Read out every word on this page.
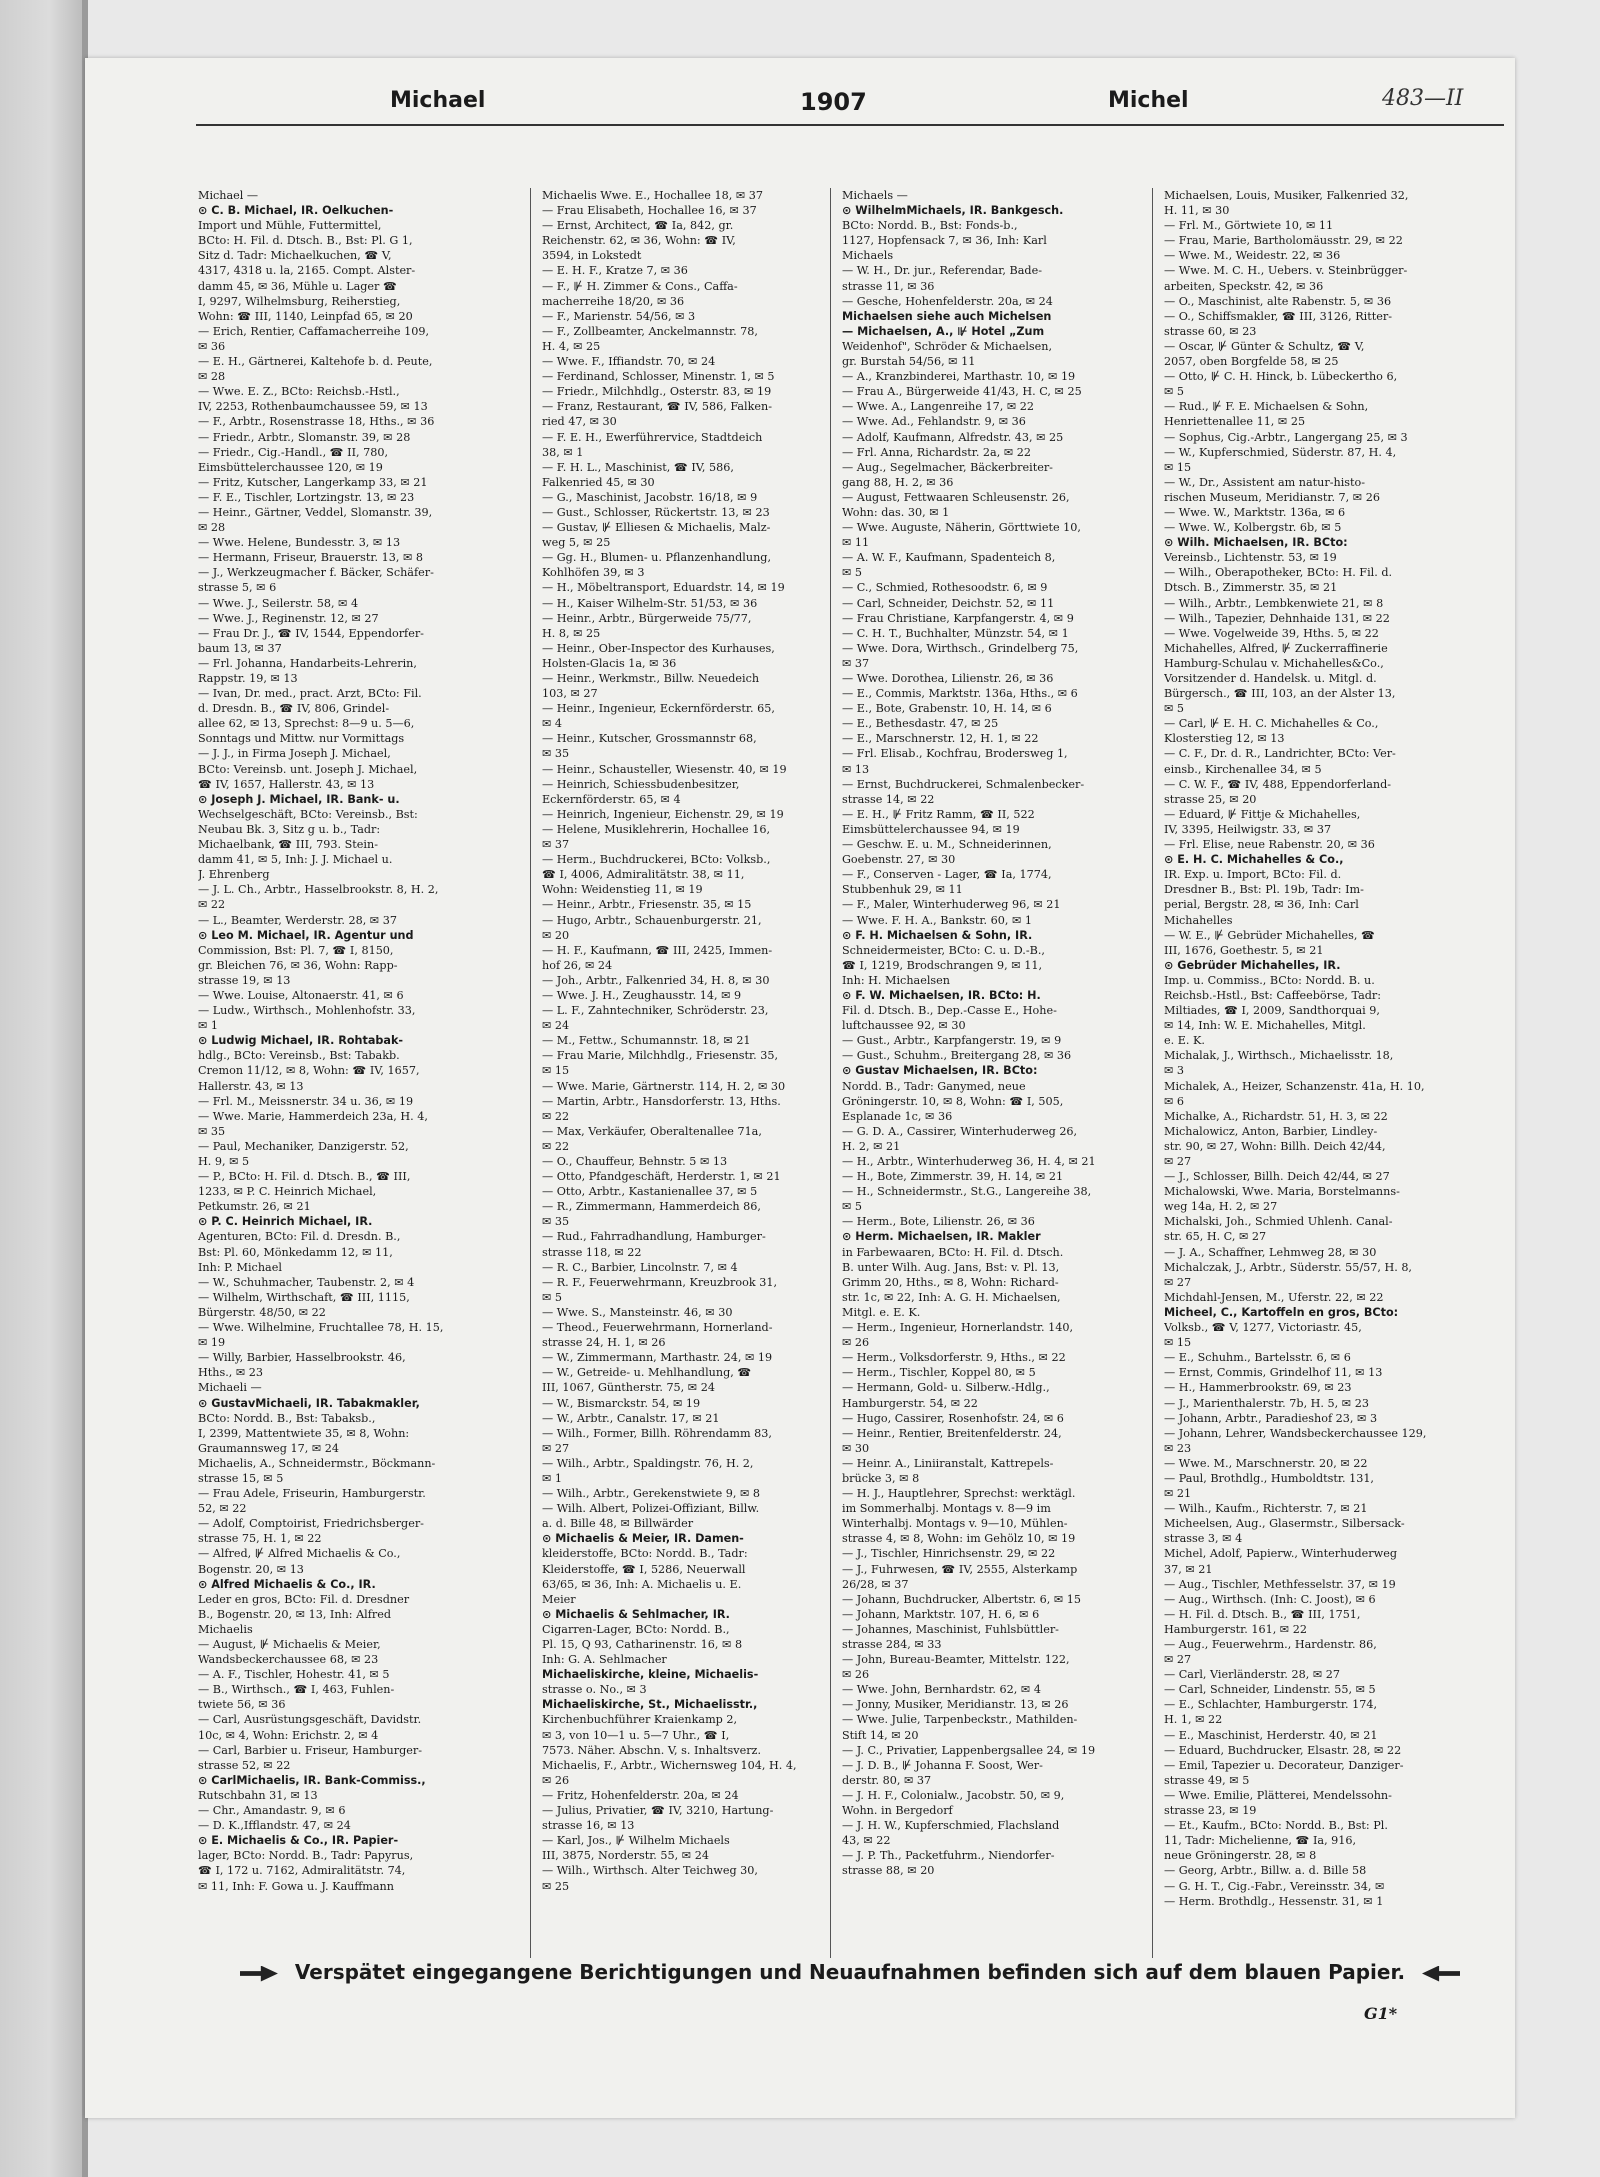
Michael	1907	Michel	483—II
Michael —
⊙ C. B. Michael, IR. Oelkuchen-
Import und Mühle, Futtermittel,
BCto: H. Fil. d. Dtsch. B., Bst: Pl. G 1,
Sitz d. Tadr: Michaelkuchen, ☎ V,
4317, 4318 u. la, 2165. Compt. Alster-
damm 45, ✉ 36, Mühle u. Lager ☎
I, 9297, Wilhelmsburg, Reiherstieg,
Wohn: ☎ III, 1140, Leinpfad 65, ✉ 20
— Erich, Rentier, Caffamacherreihe 109,
✉ 36
— E. H., Gärtnerei, Kaltehofe b. d. Peute,
✉ 28
— Wwe. E. Z., BCto: Reichsb.-Hstl.,
IV, 2253, Rothenbaumchaussee 59, ✉ 13
— F., Arbtr., Rosenstrasse 18, Hths., ✉ 36
— Friedr., Arbtr., Slomanstr. 39, ✉ 28
— Friedr., Cig.-Handl., ☎ II, 780,
Eimsbüttelerchaussee 120, ✉ 19
— Fritz, Kutscher, Langerkamp 33, ✉ 21
— F. E., Tischler, Lortzingstr. 13, ✉ 23
— Heinr., Gärtner, Veddel, Slomanstr. 39,
✉ 28
— Wwe. Helene, Bundesstr. 3, ✉ 13
— Hermann, Friseur, Brauerstr. 13, ✉ 8
— J., Werkzeugmacher f. Bäcker, Schäfer-
strasse 5, ✉ 6
— Wwe. J., Seilerstr. 58, ✉ 4
— Wwe. J., Reginenstr. 12, ✉ 27
— Frau Dr. J., ☎ IV, 1544, Eppendorfer-
baum 13, ✉ 37
— Frl. Johanna, Handarbeits-Lehrerin,
Rappstr. 19, ✉ 13
— Ivan, Dr. med., pract. Arzt, BCto: Fil.
d. Dresdn. B., ☎ IV, 806, Grindel-
allee 62, ✉ 13, Sprechst: 8—9 u. 5—6,
Sonntags und Mittw. nur Vormittags
— J. J., in Firma Joseph J. Michael,
BCto: Vereinsb. unt. Joseph J. Michael,
☎ IV, 1657, Hallerstr. 43, ✉ 13
⊙ Joseph J. Michael, IR. Bank- u.
Wechselgeschäft, BCto: Vereinsb., Bst:
Neubau Bk. 3, Sitz g u. b., Tadr:
Michaelbank, ☎ III, 793. Stein-
damm 41, ✉ 5, Inh: J. J. Michael u.
J. Ehrenberg
— J. L. Ch., Arbtr., Hasselbrookstr. 8, H. 2,
✉ 22
— L., Beamter, Werderstr. 28, ✉ 37
⊙ Leo M. Michael, IR. Agentur und
Commission, Bst: Pl. 7, ☎ I, 8150,
gr. Bleichen 76, ✉ 36, Wohn: Rapp-
strasse 19, ✉ 13
— Wwe. Louise, Altonaerstr. 41, ✉ 6
— Ludw., Wirthsch., Mohlenhofstr. 33,
✉ 1
⊙ Ludwig Michael, IR. Rohtabak-
hdlg., BCto: Vereinsb., Bst: Tabakb.
Cremon 11/12, ✉ 8, Wohn: ☎ IV, 1657,
Hallerstr. 43, ✉ 13
— Frl. M., Meissnerstr. 34 u. 36, ✉ 19
— Wwe. Marie, Hammerdeich 23a, H. 4,
✉ 35
— Paul, Mechaniker, Danzigerstr. 52,
H. 9, ✉ 5
— P., BCto: H. Fil. d. Dtsch. B., ☎ III,
1233, ✉ P. C. Heinrich Michael,
Petkumstr. 26, ✉ 21
⊙ P. C. Heinrich Michael, IR.
Agenturen, BCto: Fil. d. Dresdn. B.,
Bst: Pl. 60, Mönkedamm 12, ✉ 11,
Inh: P. Michael
— W., Schuhmacher, Taubenstr. 2, ✉ 4
— Wilhelm, Wirthschaft, ☎ III, 1115,
Bürgerstr. 48/50, ✉ 22
— Wwe. Wilhelmine, Fruchtallee 78, H. 15,
✉ 19
— Willy, Barbier, Hasselbrookstr. 46,
Hths., ✉ 23
Michaeli —
⊙ GustavMichaeli, IR. Tabakmakler,
BCto: Nordd. B., Bst: Tabaksb.,
I, 2399, Mattentwiete 35, ✉ 8, Wohn:
Graumannsweg 17, ✉ 24
Michaelis, A., Schneidermstr., Böckmann-
strasse 15, ✉ 5
— Frau Adele, Friseurin, Hamburgerstr.
52, ✉ 22
— Adolf, Comptoirist, Friedrichsberger-
strasse 75, H. 1, ✉ 22
— Alfred, ⊮ Alfred Michaelis & Co.,
Bogenstr. 20, ✉ 13
⊙ Alfred Michaelis & Co., IR.
Leder en gros, BCto: Fil. d. Dresdner
B., Bogenstr. 20, ✉ 13, Inh: Alfred
Michaelis
— August, ⊮ Michaelis & Meier,
Wandsbeckerchaussee 68, ✉ 23
— A. F., Tischler, Hohestr. 41, ✉ 5
— B., Wirthsch., ☎ I, 463, Fuhlen-
twiete 56, ✉ 36
— Carl, Ausrüstungsgeschäft, Davidstr.
10c, ✉ 4, Wohn: Erichstr. 2, ✉ 4
— Carl, Barbier u. Friseur, Hamburger-
strasse 52, ✉ 22
⊙ CarlMichaelis, IR. Bank-Commiss.,
Rutschbahn 31, ✉ 13
— Chr., Amandastr. 9, ✉ 6
— D. K.,Ifflandstr. 47, ✉ 24
⊙ E. Michaelis & Co., IR. Papier-
lager, BCto: Nordd. B., Tadr: Papyrus,
☎ I, 172 u. 7162, Admiralitätstr. 74,
✉ 11, Inh: F. Gowa u. J. Kauffmann
Michaelis Wwe. E., Hochallee 18, ✉ 37
— Frau Elisabeth, Hochallee 16, ✉ 37
— Ernst, Architect, ☎ Ia, 842, gr.
Reichenstr. 62, ✉ 36, Wohn: ☎ IV,
3594, in Lokstedt
— E. H. F., Kratze 7, ✉ 36
— F., ⊮ H. Zimmer & Cons., Caffa-
macherreihe 18/20, ✉ 36
— F., Marienstr. 54/56, ✉ 3
— F., Zollbeamter, Anckelmannstr. 78,
H. 4, ✉ 25
— Wwe. F., Iffiandstr. 70, ✉ 24
— Ferdinand, Schlosser, Minenstr. 1, ✉ 5
— Friedr., Milchhdlg., Osterstr. 83, ✉ 19
— Franz, Restaurant, ☎ IV, 586, Falken-
ried 47, ✉ 30
— F. E. H., Ewerführervice, Stadtdeich
38, ✉ 1
— F. H. L., Maschinist, ☎ IV, 586,
Falkenried 45, ✉ 30
— G., Maschinist, Jacobstr. 16/18, ✉ 9
— Gust., Schlosser, Rückertstr. 13, ✉ 23
— Gustav, ⊮ Elliesen & Michaelis, Malz-
weg 5, ✉ 25
— Gg. H., Blumen- u. Pflanzenhandlung,
Kohlhöfen 39, ✉ 3
— H., Möbeltransport, Eduardstr. 14, ✉ 19
— H., Kaiser Wilhelm-Str. 51/53, ✉ 36
— Heinr., Arbtr., Bürgerweide 75/77,
H. 8, ✉ 25
— Heinr., Ober-Inspector des Kurhauses,
Holsten-Glacis 1a, ✉ 36
— Heinr., Werkmstr., Billw. Neuedeich
103, ✉ 27
— Heinr., Ingenieur, Eckernförderstr. 65,
✉ 4
— Heinr., Kutscher, Grossmannstr 68,
✉ 35
— Heinr., Schausteller, Wiesenstr. 40, ✉ 19
— Heinrich, Schiessbudenbesitzer,
Eckernförderstr. 65, ✉ 4
— Heinrich, Ingenieur, Eichenstr. 29, ✉ 19
— Helene, Musiklehrerin, Hochallee 16,
✉ 37
— Herm., Buchdruckerei, BCto: Volksb.,
☎ I, 4006, Admiralitätstr. 38, ✉ 11,
Wohn: Weidenstieg 11, ✉ 19
— Heinr., Arbtr., Friesenstr. 35, ✉ 15
— Hugo, Arbtr., Schauenburgerstr. 21,
✉ 20
— H. F., Kaufmann, ☎ III, 2425, Immen-
hof 26, ✉ 24
— Joh., Arbtr., Falkenried 34, H. 8, ✉ 30
— Wwe. J. H., Zeughausstr. 14, ✉ 9
— L. F., Zahntechniker, Schröderstr. 23,
✉ 24
— M., Fettw., Schumannstr. 18, ✉ 21
— Frau Marie, Milchhdlg., Friesenstr. 35,
✉ 15
— Wwe. Marie, Gärtnerstr. 114, H. 2, ✉ 30
— Martin, Arbtr., Hansdorferstr. 13, Hths.
✉ 22
— Max, Verkäufer, Oberaltenallee 71a,
✉ 22
— O., Chauffeur, Behnstr. 5 ✉ 13
— Otto, Pfandgeschäft, Herderstr. 1, ✉ 21
— Otto, Arbtr., Kastanienallee 37, ✉ 5
— R., Zimmermann, Hammerdeich 86,
✉ 35
— Rud., Fahrradhandlung, Hamburger-
strasse 118, ✉ 22
— R. C., Barbier, Lincolnstr. 7, ✉ 4
— R. F., Feuerwehrmann, Kreuzbrook 31,
✉ 5
— Wwe. S., Mansteinstr. 46, ✉ 30
— Theod., Feuerwehrmann, Hornerland-
strasse 24, H. 1, ✉ 26
— W., Zimmermann, Marthastr. 24, ✉ 19
— W., Getreide- u. Mehlhandlung, ☎
III, 1067, Güntherstr. 75, ✉ 24
— W., Bismarckstr. 54, ✉ 19
— W., Arbtr., Canalstr. 17, ✉ 21
— Wilh., Former, Billh. Röhrendamm 83,
✉ 27
— Wilh., Arbtr., Spaldingstr. 76, H. 2,
✉ 1
— Wilh., Arbtr., Gerekenstwiete 9, ✉ 8
— Wilh. Albert, Polizei-Offiziant, Billw.
a. d. Bille 48, ✉ Billwärder
⊙ Michaelis & Meier, IR. Damen-
kleiderstoffe, BCto: Nordd. B., Tadr:
Kleiderstoffe, ☎ I, 5286, Neuerwall
63/65, ✉ 36, Inh: A. Michaelis u. E.
Meier
⊙ Michaelis & Sehlmacher, IR.
Cigarren-Lager, BCto: Nordd. B.,
Pl. 15, Q 93, Catharinenstr. 16, ✉ 8
Inh: G. A. Sehlmacher
Michaeliskirche, kleine, Michaelis-
strasse o. No., ✉ 3
Michaeliskirche, St., Michaelisstr.,
Kirchenbuchführer Kraienkamp 2,
✉ 3, von 10—1 u. 5—7 Uhr., ☎ I,
7573. Näher. Abschn. V, s. Inhaltsverz.
Michaelis, F., Arbtr., Wichernsweg 104, H. 4,
✉ 26
— Fritz, Hohenfelderstr. 20a, ✉ 24
— Julius, Privatier, ☎ IV, 3210, Hartung-
strasse 16, ✉ 13
— Karl, Jos., ⊮ Wilhelm Michaels
III, 3875, Norderstr. 55, ✉ 24
— Wilh., Wirthsch. Alter Teichweg 30,
✉ 25
Michaels —
⊙ WilhelmMichaels, IR. Bankgesch.
BCto: Nordd. B., Bst: Fonds-b.,
1127, Hopfensack 7, ✉ 36, Inh: Karl
Michaels
— W. H., Dr. jur., Referendar, Bade-
strasse 11, ✉ 36
— Gesche, Hohenfelderstr. 20a, ✉ 24
Michaelsen siehe auch Michelsen
— Michaelsen, A., ⊮ Hotel „Zum
Weidenhof", Schröder & Michaelsen,
gr. Burstah 54/56, ✉ 11
— A., Kranzbinderei, Marthastr. 10, ✉ 19
— Frau A., Bürgerweide 41/43, H. C, ✉ 25
— Wwe. A., Langenreihe 17, ✉ 22
— Wwe. Ad., Fehlandstr. 9, ✉ 36
— Adolf, Kaufmann, Alfredstr. 43, ✉ 25
— Frl. Anna, Richardstr. 2a, ✉ 22
— Aug., Segelmacher, Bäckerbreiter-
gang 88, H. 2, ✉ 36
— August, Fettwaaren Schleusenstr. 26,
Wohn: das. 30, ✉ 1
— Wwe. Auguste, Näherin, Görttwiete 10,
✉ 11
— A. W. F., Kaufmann, Spadenteich 8,
✉ 5
— C., Schmied, Rothesoodstr. 6, ✉ 9
— Carl, Schneider, Deichstr. 52, ✉ 11
— Frau Christiane, Karpfangerstr. 4, ✉ 9
— C. H. T., Buchhalter, Münzstr. 54, ✉ 1
— Wwe. Dora, Wirthsch., Grindelberg 75,
✉ 37
— Wwe. Dorothea, Lilienstr. 26, ✉ 36
— E., Commis, Marktstr. 136a, Hths., ✉ 6
— E., Bote, Grabenstr. 10, H. 14, ✉ 6
— E., Bethesdastr. 47, ✉ 25
— E., Marschnerstr. 12, H. 1, ✉ 22
— Frl. Elisab., Kochfrau, Brodersweg 1,
✉ 13
— Ernst, Buchdruckerei, Schmalenbecker-
strasse 14, ✉ 22
— E. H., ⊮ Fritz Ramm, ☎ II, 522
Eimsbüttelerchaussee 94, ✉ 19
— Geschw. E. u. M., Schneiderinnen,
Goebenstr. 27, ✉ 30
— F., Conserven - Lager, ☎ Ia, 1774,
Stubbenhuk 29, ✉ 11
— F., Maler, Winterhuderweg 96, ✉ 21
— Wwe. F. H. A., Bankstr. 60, ✉ 1
⊙ F. H. Michaelsen & Sohn, IR.
Schneidermeister, BCto: C. u. D.-B.,
☎ I, 1219, Brodschrangen 9, ✉ 11,
Inh: H. Michaelsen
⊙ F. W. Michaelsen, IR. BCto: H.
Fil. d. Dtsch. B., Dep.-Casse E., Hohe-
luftchaussee 92, ✉ 30
— Gust., Arbtr., Karpfangerstr. 19, ✉ 9
— Gust., Schuhm., Breitergang 28, ✉ 36
⊙ Gustav Michaelsen, IR. BCto:
Nordd. B., Tadr: Ganymed, neue
Gröningerstr. 10, ✉ 8, Wohn: ☎ I, 505,
Esplanade 1c, ✉ 36
— G. D. A., Cassirer, Winterhuderweg 26,
H. 2, ✉ 21
— H., Arbtr., Winterhuderweg 36, H. 4, ✉ 21
— H., Bote, Zimmerstr. 39, H. 14, ✉ 21
— H., Schneidermstr., St.G., Langereihe 38,
✉ 5
— Herm., Bote, Lilienstr. 26, ✉ 36
⊙ Herm. Michaelsen, IR. Makler
in Farbewaaren, BCto: H. Fil. d. Dtsch.
B. unter Wilh. Aug. Jans, Bst: v. Pl. 13,
Grimm 20, Hths., ✉ 8, Wohn: Richard-
str. 1c, ✉ 22, Inh: A. G. H. Michaelsen,
Mitgl. e. E. K.
— Herm., Ingenieur, Hornerlandstr. 140,
✉ 26
— Herm., Volksdorferstr. 9, Hths., ✉ 22
— Herm., Tischler, Koppel 80, ✉ 5
— Hermann, Gold- u. Silberw.-Hdlg.,
Hamburgerstr. 54, ✉ 22
— Hugo, Cassirer, Rosenhofstr. 24, ✉ 6
— Heinr., Rentier, Breitenfelderstr. 24,
✉ 30
— Heinr. A., Liniiranstalt, Kattrepels-
brücke 3, ✉ 8
— H. J., Hauptlehrer, Sprechst: werktägl.
im Sommerhalbj. Montags v. 8—9 im
Winterhalbj. Montags v. 9—10, Mühlen-
strasse 4, ✉ 8, Wohn: im Gehölz 10, ✉ 19
— J., Tischler, Hinrichsenstr. 29, ✉ 22
— J., Fuhrwesen, ☎ IV, 2555, Alsterkamp
26/28, ✉ 37
— Johann, Buchdrucker, Albertstr. 6, ✉ 15
— Johann, Marktstr. 107, H. 6, ✉ 6
— Johannes, Maschinist, Fuhlsbüttler-
strasse 284, ✉ 33
— John, Bureau-Beamter, Mittelstr. 122,
✉ 26
— Wwe. John, Bernhardstr. 62, ✉ 4
— Jonny, Musiker, Meridianstr. 13, ✉ 26
— Wwe. Julie, Tarpenbeckstr., Mathilden-
Stift 14, ✉ 20
— J. C., Privatier, Lappenbergsallee 24, ✉ 19
— J. D. B., ⊮ Johanna F. Soost, Wer-
derstr. 80, ✉ 37
— J. H. F., Colonialw., Jacobstr. 50, ✉ 9,
Wohn. in Bergedorf
— J. H. W., Kupferschmied, Flachsland
43, ✉ 22
— J. P. Th., Packetfuhrm., Niendorfer-
strasse 88, ✉ 20
Michaelsen, Louis, Musiker, Falkenried 32,
H. 11, ✉ 30
— Frl. M., Görtwiete 10, ✉ 11
— Frau, Marie, Bartholomäusstr. 29, ✉ 22
— Wwe. M., Weidestr. 22, ✉ 36
— Wwe. M. C. H., Uebers. v. Steinbrügger-
arbeiten, Speckstr. 42, ✉ 36
— O., Maschinist, alte Rabenstr. 5, ✉ 36
— O., Schiffsmakler, ☎ III, 3126, Ritter-
strasse 60, ✉ 23
— Oscar, ⊮ Günter & Schultz, ☎ V,
2057, oben Borgfelde 58, ✉ 25
— Otto, ⊮ C. H. Hinck, b. Lübeckertho 6,
✉ 5
— Rud., ⊮ F. E. Michaelsen & Sohn,
Henriettenallee 11, ✉ 25
— Sophus, Cig.-Arbtr., Langergang 25, ✉ 3
— W., Kupferschmied, Süderstr. 87, H. 4,
✉ 15
— W., Dr., Assistent am natur-histo-
rischen Museum, Meridianstr. 7, ✉ 26
— Wwe. W., Marktstr. 136a, ✉ 6
— Wwe. W., Kolbergstr. 6b, ✉ 5
⊙ Wilh. Michaelsen, IR. BCto:
Vereinsb., Lichtenstr. 53, ✉ 19
— Wilh., Oberapotheker, BCto: H. Fil. d.
Dtsch. B., Zimmerstr. 35, ✉ 21
— Wilh., Arbtr., Lembkenwiete 21, ✉ 8
— Wilh., Tapezier, Dehnhaide 131, ✉ 22
— Wwe. Vogelweide 39, Hths. 5, ✉ 22
Michahelles, Alfred, ⊮ Zuckerraffinerie
Hamburg-Schulau v. Michahelles&Co.,
Vorsitzender d. Handelsk. u. Mitgl. d.
Bürgersch., ☎ III, 103, an der Alster 13,
✉ 5
— Carl, ⊮ E. H. C. Michahelles & Co.,
Klosterstieg 12, ✉ 13
— C. F., Dr. d. R., Landrichter, BCto: Ver-
einsb., Kirchenallee 34, ✉ 5
— C. W. F., ☎ IV, 488, Eppendorferland-
strasse 25, ✉ 20
— Eduard, ⊮ Fittje & Michahelles,
IV, 3395, Heilwigstr. 33, ✉ 37
— Frl. Elise, neue Rabenstr. 20, ✉ 36
⊙ E. H. C. Michahelles & Co.,
IR. Exp. u. Import, BCto: Fil. d.
Dresdner B., Bst: Pl. 19b, Tadr: Im-
perial, Bergstr. 28, ✉ 36, Inh: Carl
Michahelles
— W. E., ⊮ Gebrüder Michahelles, ☎
III, 1676, Goethestr. 5, ✉ 21
⊙ Gebrüder Michahelles, IR.
Imp. u. Commiss., BCto: Nordd. B. u.
Reichsb.-Hstl., Bst: Caffeebörse, Tadr:
Miltiades, ☎ I, 2009, Sandthorquai 9,
✉ 14, Inh: W. E. Michahelles, Mitgl.
e. E. K.
Michalak, J., Wirthsch., Michaelisstr. 18,
✉ 3
Michalek, A., Heizer, Schanzenstr. 41a, H. 10,
✉ 6
Michalke, A., Richardstr. 51, H. 3, ✉ 22
Michalowicz, Anton, Barbier, Lindley-
str. 90, ✉ 27, Wohn: Billh. Deich 42/44,
✉ 27
— J., Schlosser, Billh. Deich 42/44, ✉ 27
Michalowski, Wwe. Maria, Borstelmanns-
weg 14a, H. 2, ✉ 27
Michalski, Joh., Schmied Uhlenh. Canal-
str. 65, H. C, ✉ 27
— J. A., Schaffner, Lehmweg 28, ✉ 30
Michalczak, J., Arbtr., Süderstr. 55/57, H. 8,
✉ 27
Michdahl-Jensen, M., Uferstr. 22, ✉ 22
Micheel, C., Kartoffeln en gros, BCto:
Volksb., ☎ V, 1277, Victoriastr. 45,
✉ 15
— E., Schuhm., Bartelsstr. 6, ✉ 6
— Ernst, Commis, Grindelhof 11, ✉ 13
— H., Hammerbrookstr. 69, ✉ 23
— J., Marienthalerstr. 7b, H. 5, ✉ 23
— Johann, Arbtr., Paradieshof 23, ✉ 3
— Johann, Lehrer, Wandsbeckerchaussee 129,
✉ 23
— Wwe. M., Marschnerstr. 20, ✉ 22
— Paul, Brothdlg., Humboldtstr. 131,
✉ 21
— Wilh., Kaufm., Richterstr. 7, ✉ 21
Micheelsen, Aug., Glasermstr., Silbersack-
strasse 3, ✉ 4
Michel, Adolf, Papierw., Winterhuderweg
37, ✉ 21
— Aug., Tischler, Methfesselstr. 37, ✉ 19
— Aug., Wirthsch. (Inh: C. Joost), ✉ 6
— H. Fil. d. Dtsch. B., ☎ III, 1751,
Hamburgerstr. 161, ✉ 22
— Aug., Feuerwehrm., Hardenstr. 86,
✉ 27
— Carl, Vierländerstr. 28, ✉ 27
— Carl, Schneider, Lindenstr. 55, ✉ 5
— E., Schlachter, Hamburgerstr. 174,
H. 1, ✉ 22
— E., Maschinist, Herderstr. 40, ✉ 21
— Eduard, Buchdrucker, Elsastr. 28, ✉ 22
— Emil, Tapezier u. Decorateur, Danziger-
strasse 49, ✉ 5
— Wwe. Emilie, Plätterei, Mendelssohn-
strasse 23, ✉ 19
— Et., Kaufm., BCto: Nordd. B., Bst: Pl.
11, Tadr: Micheliennе, ☎ Ia, 916,
neue Gröningerstr. 28, ✉ 8
— Georg, Arbtr., Billw. a. d. Bille 58
— G. H. T., Cig.-Fabr., Vereinsstr. 34, ✉
— Herm. Brothdlg., Hessenstr. 31, ✉ 1
Verspätet eingegangene Berichtigungen und Neuaufnahmen befinden sich auf dem blauen Papier.
G1*
